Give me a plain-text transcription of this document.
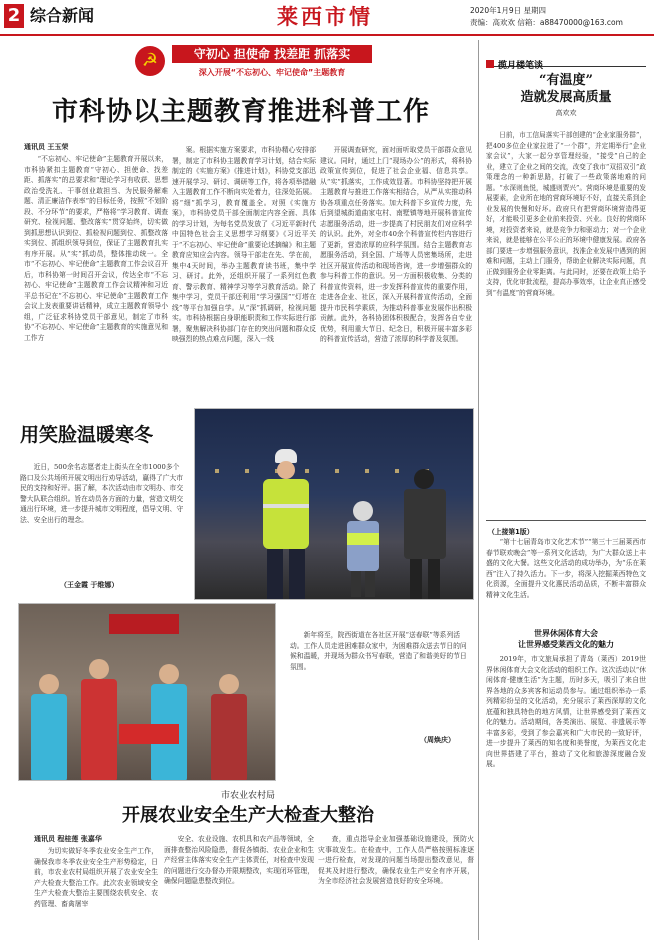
2 综合新闻	莱西市情	2020年1月9日 星期四
责编：高欢欢 信箱：a88470000@163.com
☭	守初心 担使命 找差距 抓落实
深入开展“不忘初心、牢记使命”主题教育
市科协以主题教育推进科普工作
通讯员 王玉荣

“不忘初心、牢记使命”主题教育开展以来，市科协紧扣主题教育“守初心、担使命、找差距、抓落实”的总要求和“理论学习有收获、思想政治受洗礼、干事创业敢担当、为民服务解难题、清正廉洁作表率”的目标任务，按照“不划阶段、不分环节”的要求，严格将“学习教育、调查研究、检视问题、整改落实”贯穿始终，切实做到抓思想认识到位、抓检视问题到位、抓整改落实到位、抓组织领导到位，保证了主题教育扎实有序开展。从“实”抓动员，整体推动统一。全市“不忘初心、牢记使命”主题教育工作会议召开后，市科协第一时间召开会议，传达全市“不忘初心、牢记使命”主题教育工作会议精神和习近平总书记在“不忘初心、牢记使命”主题教育工作会议上发表重要讲话精神，成立主题教育领导小组，广泛征求科协党员干部意见，制定了市科协“不忘初心、牢记使命”主题教育的实施意见和工作方

案。根据实施方案要求，市科协精心安排部署，制定了市科协主题教育学习计划，结合实际制定的《实施方案》《推进计划》，科协党支部迅速开展学习、研讨、调研等工作，将各项举措融入主题教育工作不断向实处着力，往深处拓展。将“细”抓学习，教育覆盖全。对照《实施方案》，市科协党员干部全面制定内容全面、具体的学习计划，为每名党员发放了《习近平新时代中国特色社会主义思想学习纲要》《习近平关于“不忘初心、牢记使命”重要论述摘编》和主题教育应知应会内容。领导干部走在先、学在前，集中4天时间，举办主题教育读书班，集中学习、研讨。此外，还组织开展了一系列红色教育、警示教育、精神学习等学习教育活动。除了集中学习，党员干部还利用“学习强国”“灯塔在线”等平台加强自学。从“深”抓调研，检视问题实。市科协根据自身职能职责和工作实际进行部署，聚焦解决科协部门存在的突出问题和群众反映强烈的热点难点问题，深入一线

开展调查研究，面对面听取党员干部群众意见建议。同时，通过上门“现场办公”的形式，将科协政策宣传到位，促进了社会企业福、信息共享。从“实”抓落实，工作成效显著。市科协坚持把开展主题教育与推进工作落实相结合，从严从实推动科协各项重点任务落实。加大科普下乡宣传力度，先后到望城街道曲家屯村、南墅镇等地开展科普宣传志愿服务活动，进一步提高了村民朋友们对应科学的认识。此外，对全市40余个科普宣传栏内容进行了更新，营造浓厚的应科学氛围。结合主题教育志愿服务活动，到全国、广场等人员密集场所，走进社区开展宣传活动和现场咨询，进一步增强群众的参与科普工作的意识。另一方面积极收集、分类的科普宣传资料，进一步发挥科普宣传的重要作用，走进各企业、社区，深入开展科普宣传活动，全面提升市民科学素质，为推动科普事业发展作出积极贡献。此外，各科协团体积极配合，发挥各自专业优势，利用重大节日、纪念日，积极开展丰富多彩的科普宣传活动，营造了浓厚的科学普及氛围。

用笑脸温暖寒冬

近日，500余名志愿者走上街头在全市1000多个路口及公共场所开展文明出行劝导活动，赢得了广大市民的支持和好评。据了解，本次活动由市文明办、市交警大队联合组织。旨在动员各方面的力量，营造文明交通出行环境，进一步提升城市文明程度，倡导文明、守法、安全出行的理念。

（王金霞 于维娜）
（上接第1版）

新年将至，院西街道在各社区开展“送春联”等系列活动。工作人员走进困难群众家中，为困难群众送去节日的问候和温暖，并现场为群众书写春联，营造了和谐美好的节日氛围。

（周焕庆）
市农业农村局
开展农业安全生产大检查大整治
通讯员 程桂莲 张嘉华

为切实做好冬季农业安全生产工作，确保我市冬季农业安全生产形势稳定，日前，市农业农村局组织开展了农业安全生产大检查大整治工作。此次农业领域安全生产大检查大整治主要围绕农机安全、农药管理、畜禽屠宰

安全、农业设施、农机具和农产品等领域，全面排查整治风险隐患，督促各镇街、农业企业和生产经营主体落实安全生产主体责任，对检查中发现的问题进行交办督办并限期整改，实现闭环管理，确保问题隐患整改到位。

查，重点指导企业加强基础设施建设，预防火灾事故发生。在检查中，工作人员严格按照标准逐一进行检查，对发现的问题当场提出整改意见，督促其及时进行整改，确保农业生产安全有序开展，为全市经济社会发展营造良好的安全环境。

揽月楼笔谈
“有温度”
造就发展高质量
高欢欢

日前，市工信局落实干部创建的“企业家服务群”，把400多位企业家拉进了“一个群”，并定期举行“企业家会议”，大家一起分享管理经验，“接受”自己的企业，建立了企业之间的交流，改变了我市“双招双引”政策理念的一种新思路，打破了一些政策落地难的问题。“水深则鱼悦，城盛则贾兴”。营商环境是重要的发展要素，企业所在地的营商环境好不好，直接关系到企业发展的快慢和好坏。政府只有把营商环境营造得更好，才能吸引更多企业前来投资、兴业。良好的营商环境，对投资者来说，就是竞争力和驱动力；对一个企业来说，就是能够在公平公正的环境中健康发展。政府各部门要进一步增强服务意识，找准企业发展中遇到的困难和问题，主动上门服务，帮助企业解决实际问题，真正做到服务企业零距离。与此同时，还要在政策上给予支持，优化审批流程，提高办事效率，让企业真正感受到“有温度”的营商环境。

“第十七届青岛市文化艺术节”“第三十三届莱西市春节联欢晚会”等一系列文化活动，为广大群众送上丰盛的文化大餐。这些文化活动的成功举办，为“乐在莱西”注入了持久活力。下一步，将深入挖掘莱西特色文化资源，全面提升文化惠民活动品质，不断丰富群众精神文化生活。

世界休闲体育大会
让世界感受莱西文化的魅力

2019年，市文旅局承担了青岛（莱西）2019世界休闲体育大会文化活动的组织工作。这次活动以“休闲体育·健康生活”为主题，历时多天，吸引了来自世界各地的众多宾客和运动员参与。通过组织举办一系列精彩纷呈的文化活动，充分展示了莱西深厚的文化底蕴和独具特色的地方风情，让世界感受到了莱西文化的魅力。活动期间，各类演出、展览、非遗展示等丰富多彩，受到了参会嘉宾和广大市民的一致好评，进一步提升了莱西的知名度和美誉度，为莱西文化走向世界搭建了平台，推动了文化和旅游深度融合发展。
